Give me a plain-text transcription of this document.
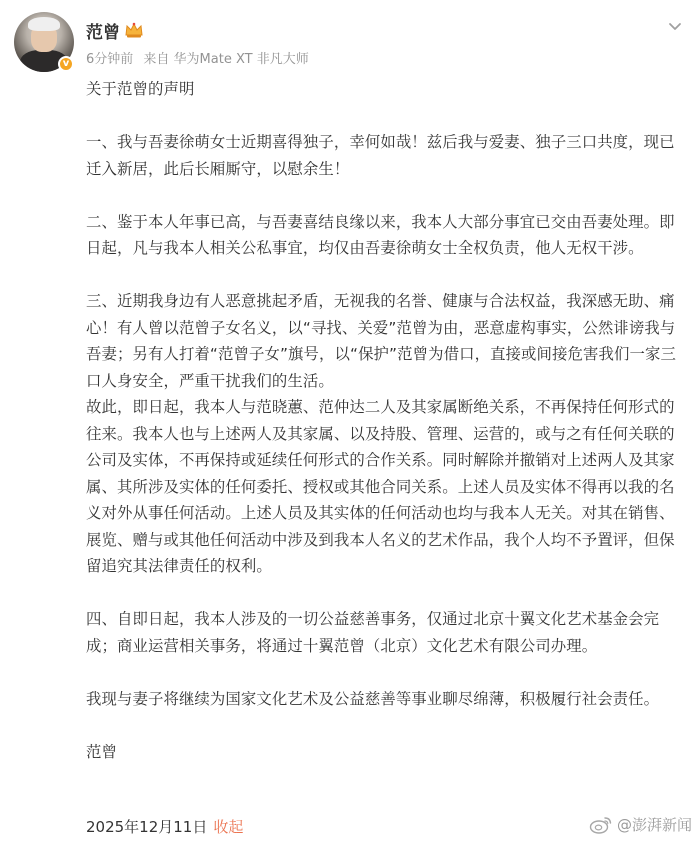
v
范曾
6分钟前 来自 华为Mate XT 非凡大师

关于范曾的声明

一、我与吾妻徐萌女士近期喜得独子，幸何如哉！兹后我与爱妻、独子三口共度，现已迁入新居，此后长厢厮守，以慰余生！

二、鉴于本人年事已高，与吾妻喜结良缘以来，我本人大部分事宜已交由吾妻处理。即日起，凡与我本人相关公私事宜，均仅由吾妻徐萌女士全权负责，他人无权干涉。

三、近期我身边有人恶意挑起矛盾，无视我的名誉、健康与合法权益，我深感无助、痛心！有人曾以范曾子女名义，以“寻找、关爱”范曾为由，恶意虚构事实，公然诽谤我与吾妻；另有人打着“范曾子女”旗号，以“保护”范曾为借口，直接或间接危害我们一家三口人身安全，严重干扰我们的生活。

故此，即日起，我本人与范晓蕙、范仲达二人及其家属断绝关系，不再保持任何形式的往来。我本人也与上述两人及其家属、以及持股、管理、运营的，或与之有任何关联的公司及实体，不再保持或延续任何形式的合作关系。同时解除并撤销对上述两人及其家属、其所涉及实体的任何委托、授权或其他合同关系。上述人员及实体不得再以我的名义对外从事任何活动。上述人员及其实体的任何活动也均与我本人无关。对其在销售、展览、赠与或其他任何活动中涉及到我本人名义的艺术作品，我个人均不予置评，但保留追究其法律责任的权利。

四、自即日起，我本人涉及的一切公益慈善事务，仅通过北京十翼文化艺术基金会完成；商业运营相关事务，将通过十翼范曾（北京）文化艺术有限公司办理。

我现与妻子将继续为国家文化艺术及公益慈善等事业聊尽绵薄，积极履行社会责任。

范曾

2025年12月11日 收起	@澎湃新闻
